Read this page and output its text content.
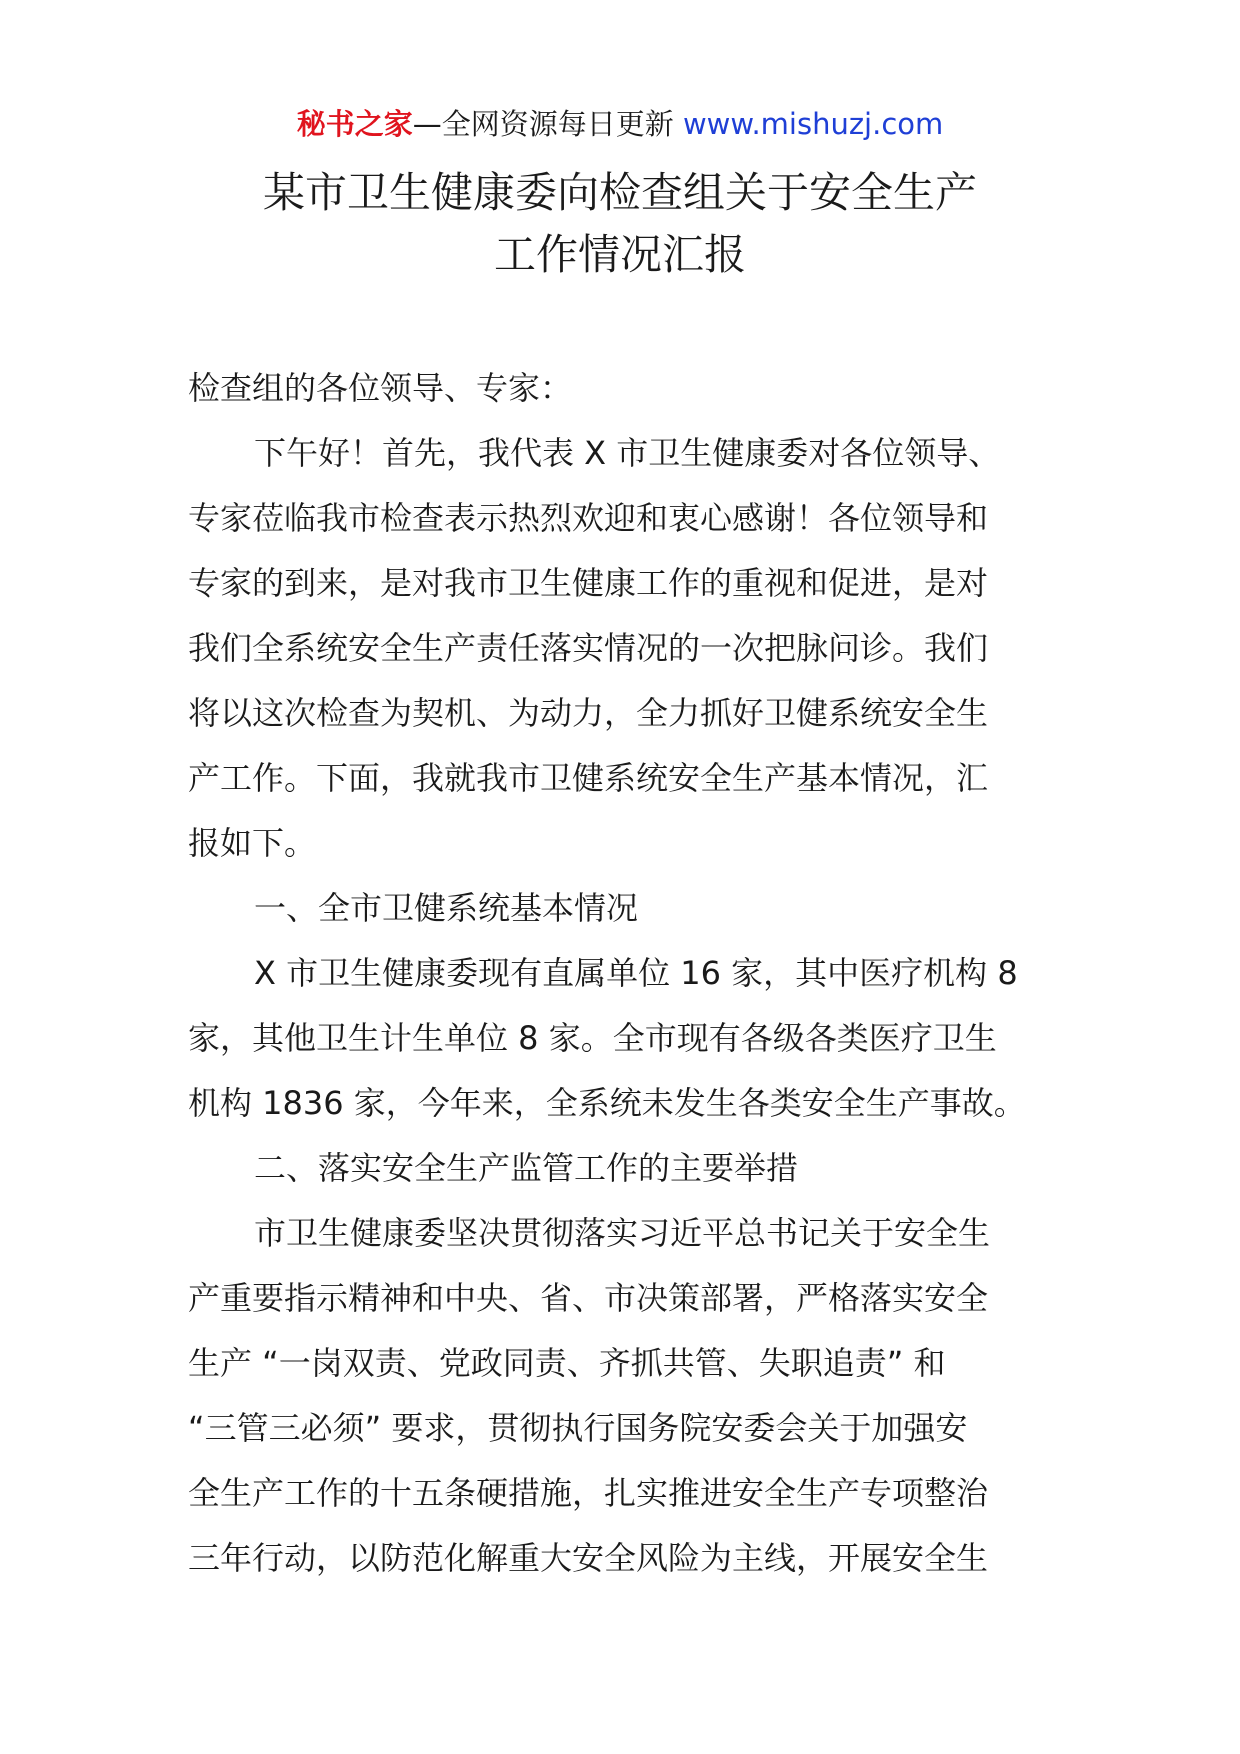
秘书之家—全网资源每日更新 www.mishuzj.com
某市卫生健康委向检查组关于安全生产
工作情况汇报
检查组的各位领导、专家：
下午好！首先，我代表 X 市卫生健康委对各位领导、
专家莅临我市检查表示热烈欢迎和衷心感谢！各位领导和
专家的到来，是对我市卫生健康工作的重视和促进，是对
我们全系统安全生产责任落实情况的一次把脉问诊。我们
将以这次检查为契机、为动力，全力抓好卫健系统安全生
产工作。下面，我就我市卫健系统安全生产基本情况，汇
报如下。
一、全市卫健系统基本情况
X 市卫生健康委现有直属单位 16 家，其中医疗机构 8
家，其他卫生计生单位 8 家。全市现有各级各类医疗卫生
机构 1836 家，今年来，全系统未发生各类安全生产事故。
二、落实安全生产监管工作的主要举措
市卫生健康委坚决贯彻落实习近平总书记关于安全生
产重要指示精神和中央、省、市决策部署，严格落实安全
生产 “一岗双责、党政同责、齐抓共管、失职追责” 和
“三管三必须” 要求，贯彻执行国务院安委会关于加强安
全生产工作的十五条硬措施，扎实推进安全生产专项整治
三年行动，以防范化解重大安全风险为主线，开展安全生
